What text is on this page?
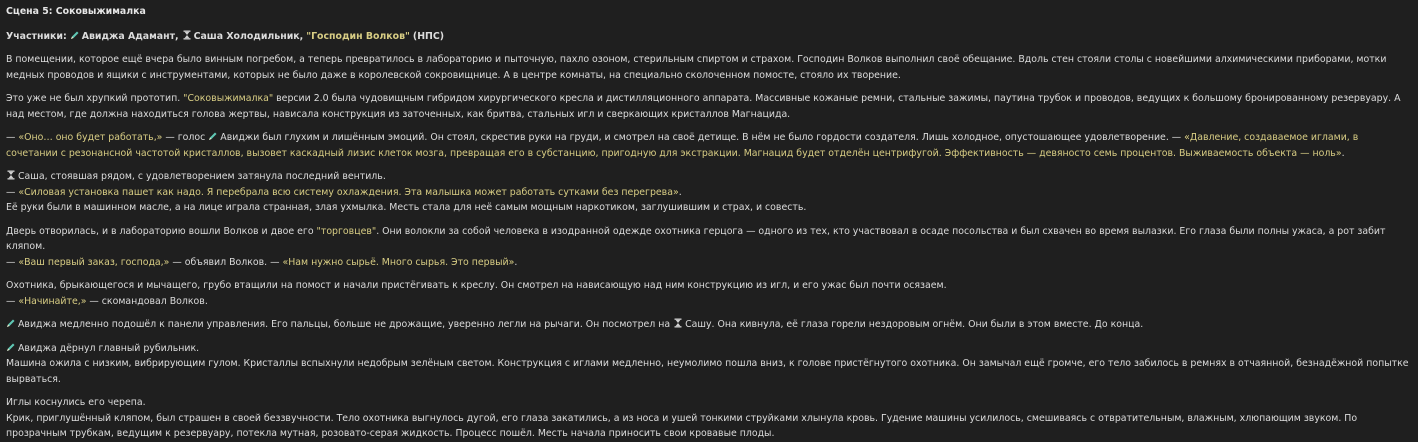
Сцена 5: Соковыжималка

Участники: Авиджа Адамант, Саша Холодильник, "Господин Волков" (НПС)

В помещении, которое ещё вчера было винным погребом, а теперь превратилось в лабораторию и пыточную, пахло озоном, стерильным спиртом и страхом. Господин Волков выполнил своё обещание. Вдоль стен стояли столы с новейшими алхимическими приборами, мотки медных проводов и ящики с инструментами, которых не было даже в королевской сокровищнице. А в центре комнаты, на специально сколоченном помосте, стояло их творение.

Это уже не был хрупкий прототип. "Соковыжималка" версии 2.0 была чудовищным гибридом хирургического кресла и дистилляционного аппарата. Массивные кожаные ремни, стальные зажимы, паутина трубок и проводов, ведущих к большому бронированному резервуару. А над местом, где должна находиться голова жертвы, нависала конструкция из заточенных, как бритва, стальных игл и сверкающих кристаллов Магнацида.

— «Оно… оно будет работать,» — голос Авиджи был глухим и лишённым эмоций. Он стоял, скрестив руки на груди, и смотрел на своё детище. В нём не было гордости создателя. Лишь холодное, опустошающее удовлетворение. — «Давление, создаваемое иглами, в сочетании с резонансной частотой кристаллов, вызовет каскадный лизис клеток мозга, превращая его в субстанцию, пригодную для экстракции. Магнацид будет отделён центрифугой. Эффективность — девяносто семь процентов. Выживаемость объекта — ноль».

Саша, стоявшая рядом, с удовлетворением затянула последний вентиль.
— «Силовая установка пашет как надо. Я перебрала всю систему охлаждения. Эта малышка может работать сутками без перегрева».
Её руки были в машинном масле, а на лице играла странная, злая ухмылка. Месть стала для неё самым мощным наркотиком, заглушившим и страх, и совесть.

Дверь отворилась, и в лабораторию вошли Волков и двое его "торговцев". Они волокли за собой человека в изодранной одежде охотника герцога — одного из тех, кто участвовал в осаде посольства и был схвачен во время вылазки. Его глаза были полны ужаса, а рот забит кляпом.
— «Ваш первый заказ, господа,» — объявил Волков. — «Нам нужно сырьё. Много сырья. Это первый».

Охотника, брыкающегося и мычащего, грубо втащили на помост и начали пристёгивать к креслу. Он смотрел на нависающую над ним конструкцию из игл, и его ужас был почти осязаем.
— «Начинайте,» — скомандовал Волков.

Авиджа медленно подошёл к панели управления. Его пальцы, больше не дрожащие, уверенно легли на рычаги. Он посмотрел на Сашу. Она кивнула, её глаза горели нездоровым огнём. Они были в этом вместе. До конца.

Авиджа дёрнул главный рубильник.
Машина ожила с низким, вибрирующим гулом. Кристаллы вспыхнули недобрым зелёным светом. Конструкция с иглами медленно, неумолимо пошла вниз, к голове пристёгнутого охотника. Он замычал ещё громче, его тело забилось в ремнях в отчаянной, безнадёжной попытке вырваться.

Иглы коснулись его черепа.
Крик, приглушённый кляпом, был страшен в своей беззвучности. Тело охотника выгнулось дугой, его глаза закатились, а из носа и ушей тонкими струйками хлынула кровь. Гудение машины усилилось, смешиваясь с отвратительным, влажным, хлюпающим звуком. По прозрачным трубкам, ведущим к резервуару, потекла мутная, розовато-серая жидкость. Процесс пошёл. Месть начала приносить свои кровавые плоды.
